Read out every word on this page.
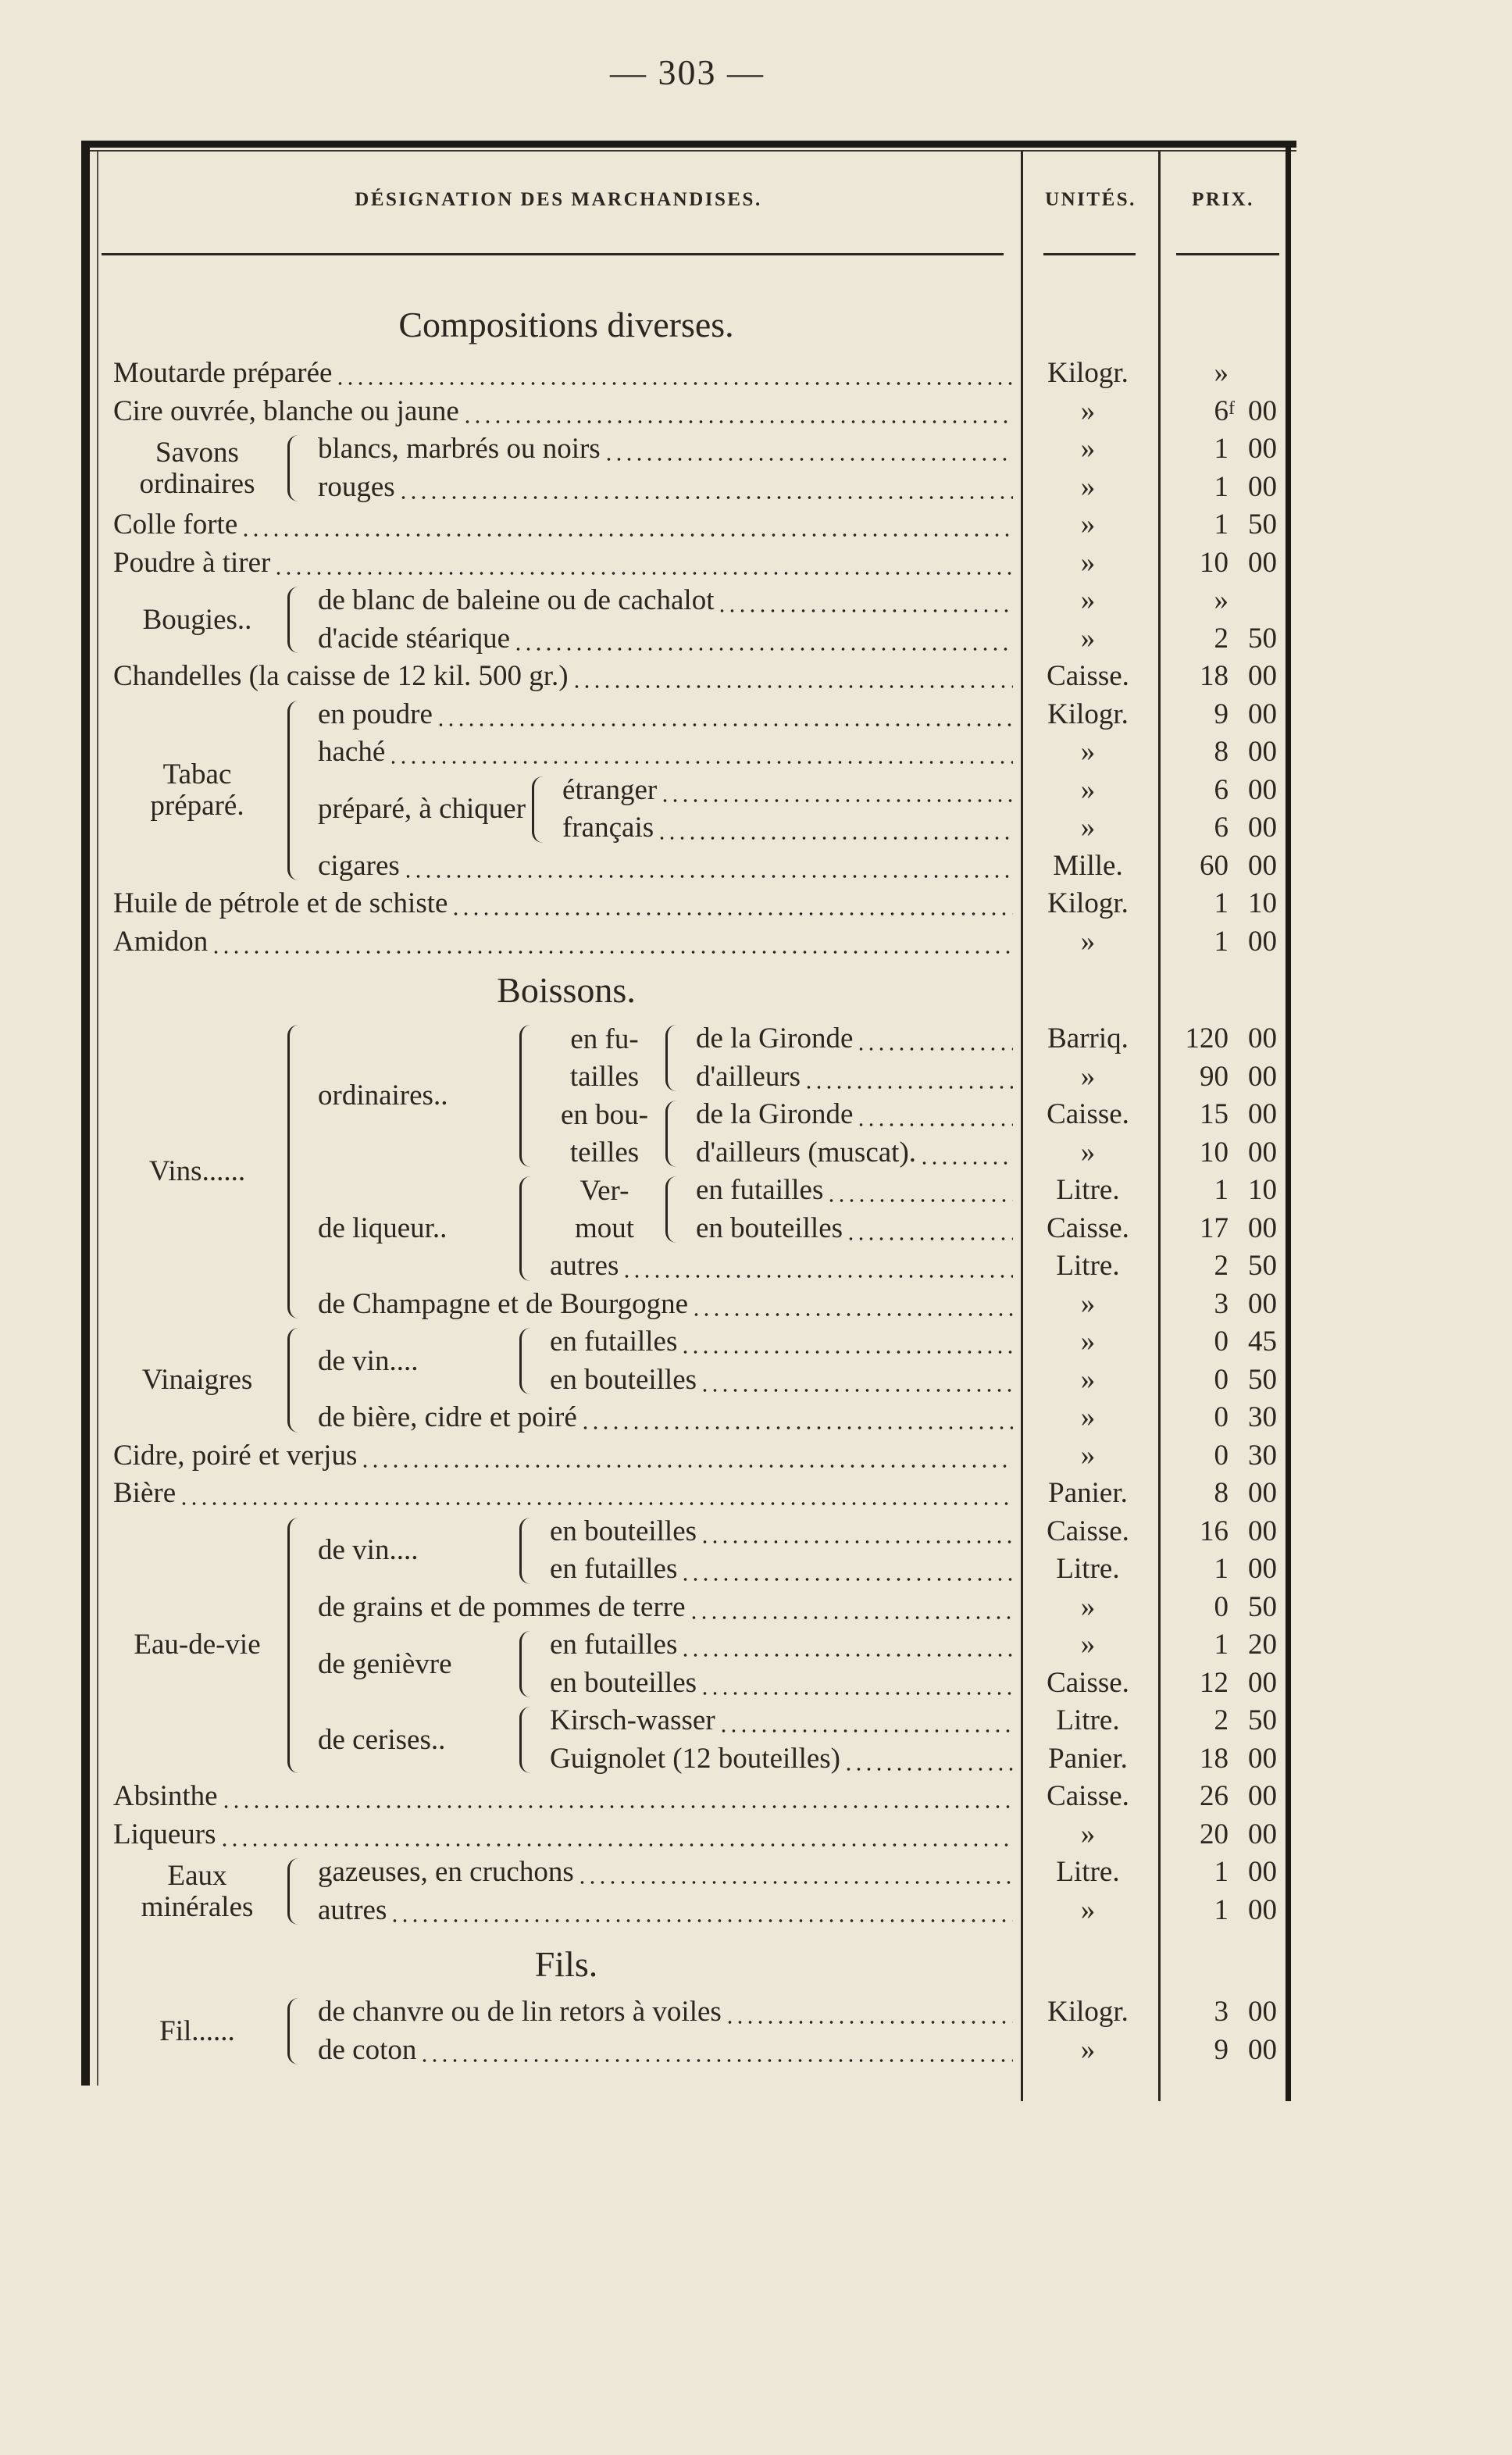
— 303 —
DÉSIGNATION DES MARCHANDISES.	UNITÉS.	PRIX.
Compositions diverses.
Moutarde préparée	Kilogr.	»
Cire ouvrée, blanche ou jaune	»	6 f 00
Savons
ordinaires
blancs, marbrés ou noirs	»	1 00
rouges	»	1 00
Colle forte	»	1 50
Poudre à tirer	»	10 00
Bougies..
de blanc de baleine ou de cachalot	»	»
d'acide stéarique	»	2 50
Chandelles (la caisse de 12 kil. 500 gr.)	Caisse.	18 00
Tabac
préparé.
en poudre	Kilogr.	9 00
haché	»	8 00
préparé, à chiquer
étranger	»	6 00
français	»	6 00
cigares	Mille.	60 00
Huile de pétrole et de schiste	Kilogr.	1 10
Amidon	»	1 00
Boissons.
Vins......
ordinaires..
en fu-
tailles
de la Gironde	Barriq.	120 00
d'ailleurs	»	90 00
en bou-
teilles
de la Gironde	Caisse.	15 00
d'ailleurs (muscat).	»	10 00
de liqueur..
Ver-
mout
en futailles	Litre.	1 10
en bouteilles	Caisse.	17 00
autres	Litre.	2 50
de Champagne et de Bourgogne	»	3 00
Vinaigres
de vin....
en futailles	»	0 45
en bouteilles	»	0 50
de bière, cidre et poiré	»	0 30
Cidre, poiré et verjus	»	0 30
Bière	Panier.	8 00
Eau-de-vie
de vin....
en bouteilles	Caisse.	16 00
en futailles	Litre.	1 00
de grains et de pommes de terre	»	0 50
de genièvre
en futailles	»	1 20
en bouteilles	Caisse.	12 00
de cerises..
Kirsch-wasser	Litre.	2 50
Guignolet (12 bouteilles)	Panier.	18 00
Absinthe	Caisse.	26 00
Liqueurs	»	20 00
Eaux
minérales
gazeuses, en cruchons	Litre.	1 00
autres	»	1 00
Fils.
Fil......
de chanvre ou de lin retors à voiles	Kilogr.	3 00
de coton	»	9 00
